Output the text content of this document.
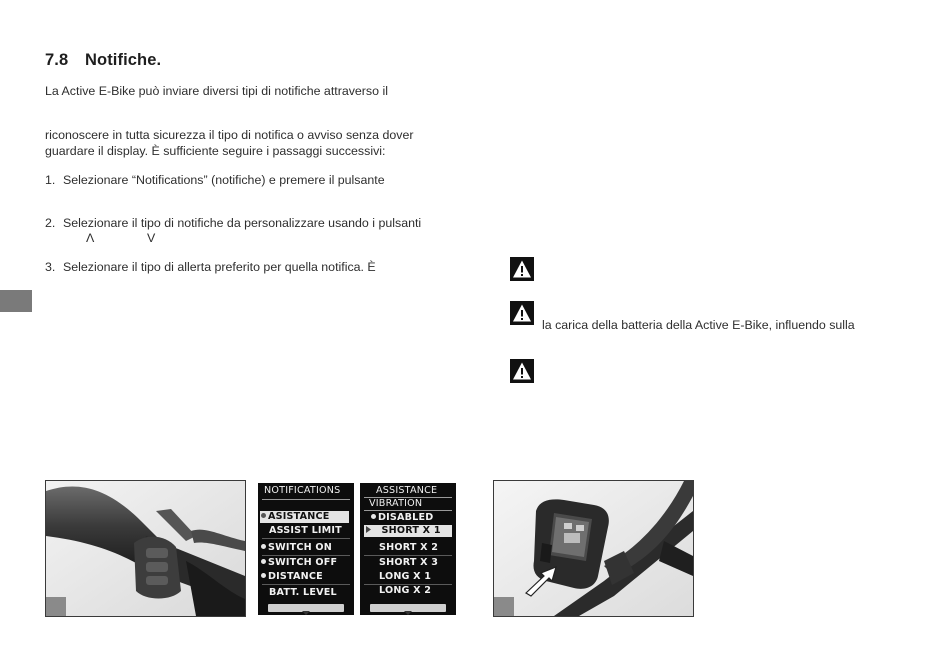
7.8 Notifiche.
La Active E-Bike può inviare diversi tipi di notifiche attraverso il
riconoscere in tutta sicurezza il tipo di notifica o avviso senza dover
guardare il display. È sufficiente seguire i passaggi successivi:
1. Selezionare “Notifications” (notifiche) e premere il pulsante
2. Selezionare il tipo di notifiche da personalizzare usando i pulsanti
Λ	V
3. Selezionare il tipo di allerta preferito per quella notifica. È
la carica della batteria della Active E-Bike, influendo sulla
NOTIFICATIONS
ASISTANCE
ASSIST LIMIT
SWITCH ON
SWITCH OFF
DISTANCE
BATT. LEVEL
ASSISTANCE
VIBRATION
DISABLED
SHORT X 1
SHORT X 2
SHORT X 3
LONG X 1
LONG X 2
